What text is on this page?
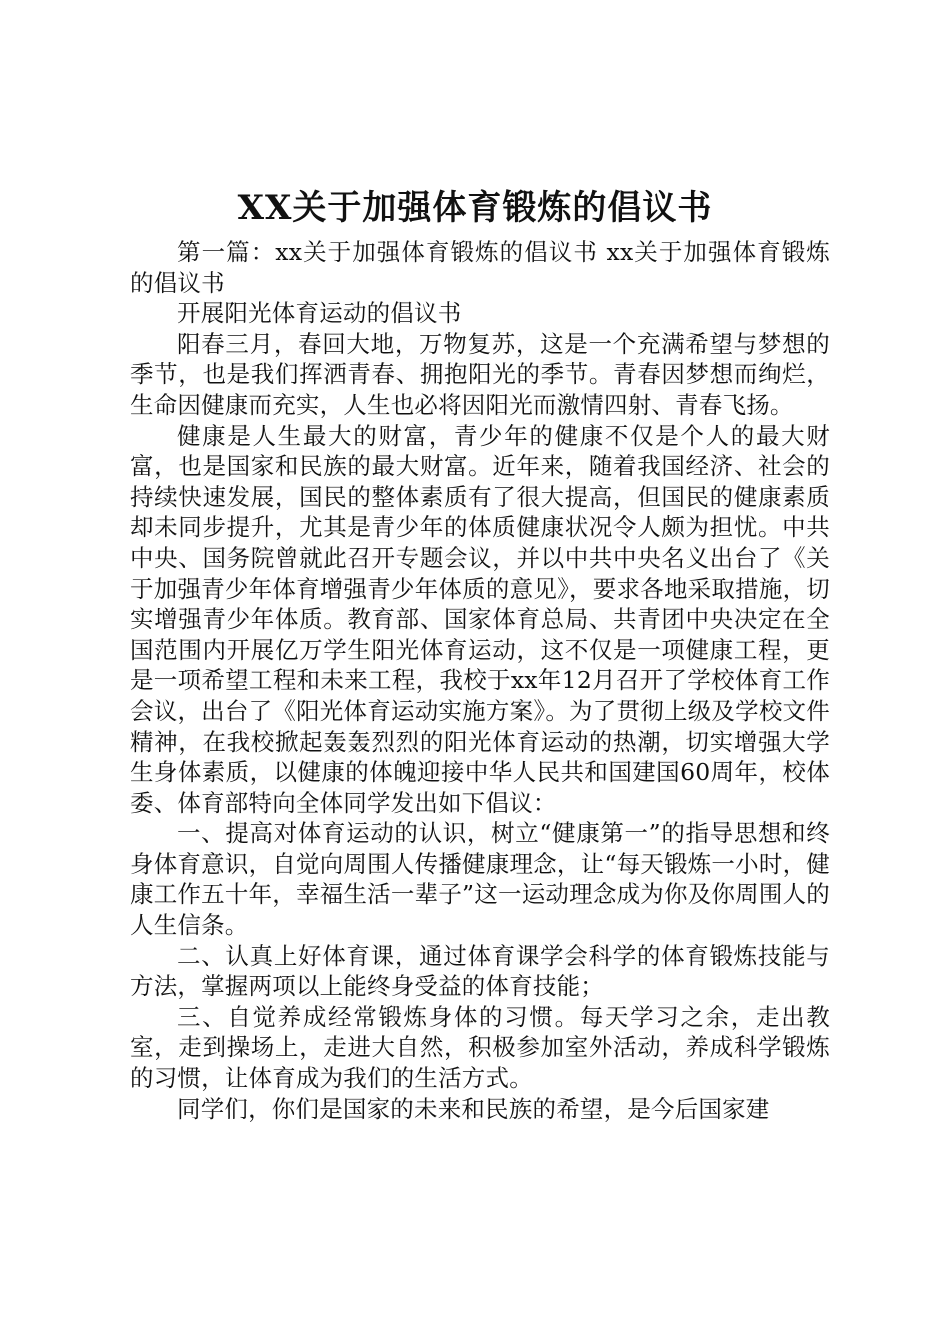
XX关于加强体育锻炼的倡议书

第一篇：xx关于加强体育锻炼的倡议书 xx关于加强体育锻炼的倡议书

开展阳光体育运动的倡议书

阳春三月，春回大地，万物复苏，这是一个充满希望与梦想的季节，也是我们挥洒青春、拥抱阳光的季节。青春因梦想而绚烂，生命因健康而充实，人生也必将因阳光而激情四射、青春飞扬。

健康是人生最大的财富，青少年的健康不仅是个人的最大财富，也是国家和民族的最大财富。近年来，随着我国经济、社会的持续快速发展，国民的整体素质有了很大提高，但国民的健康素质却未同步提升，尤其是青少年的体质健康状况令人颇为担忧。中共中央、国务院曾就此召开专题会议，并以中共中央名义出台了《关于加强青少年体育增强青少年体质的意见》，要求各地采取措施，切实增强青少年体质。教育部、国家体育总局、共青团中央决定在全国范围内开展亿万学生阳光体育运动，这不仅是一项健康工程，更是一项希望工程和未来工程，我校于xx年12月召开了学校体育工作会议，出台了《阳光体育运动实施方案》。为了贯彻上级及学校文件精神，在我校掀起轰轰烈烈的阳光体育运动的热潮，切实增强大学生身体素质，以健康的体魄迎接中华人民共和国建国60周年，校体委、体育部特向全体同学发出如下倡议：

一、提高对体育运动的认识，树立“健康第一”的指导思想和终身体育意识，自觉向周围人传播健康理念，让“每天锻炼一小时，健康工作五十年，幸福生活一辈子”这一运动理念成为你及你周围人的人生信条。

二、认真上好体育课，通过体育课学会科学的体育锻炼技能与方法，掌握两项以上能终身受益的体育技能；

三、自觉养成经常锻炼身体的习惯。每天学习之余，走出教室，走到操场上，走进大自然，积极参加室外活动，养成科学锻炼的习惯，让体育成为我们的生活方式。

同学们，你们是国家的未来和民族的希望，是今后国家建
